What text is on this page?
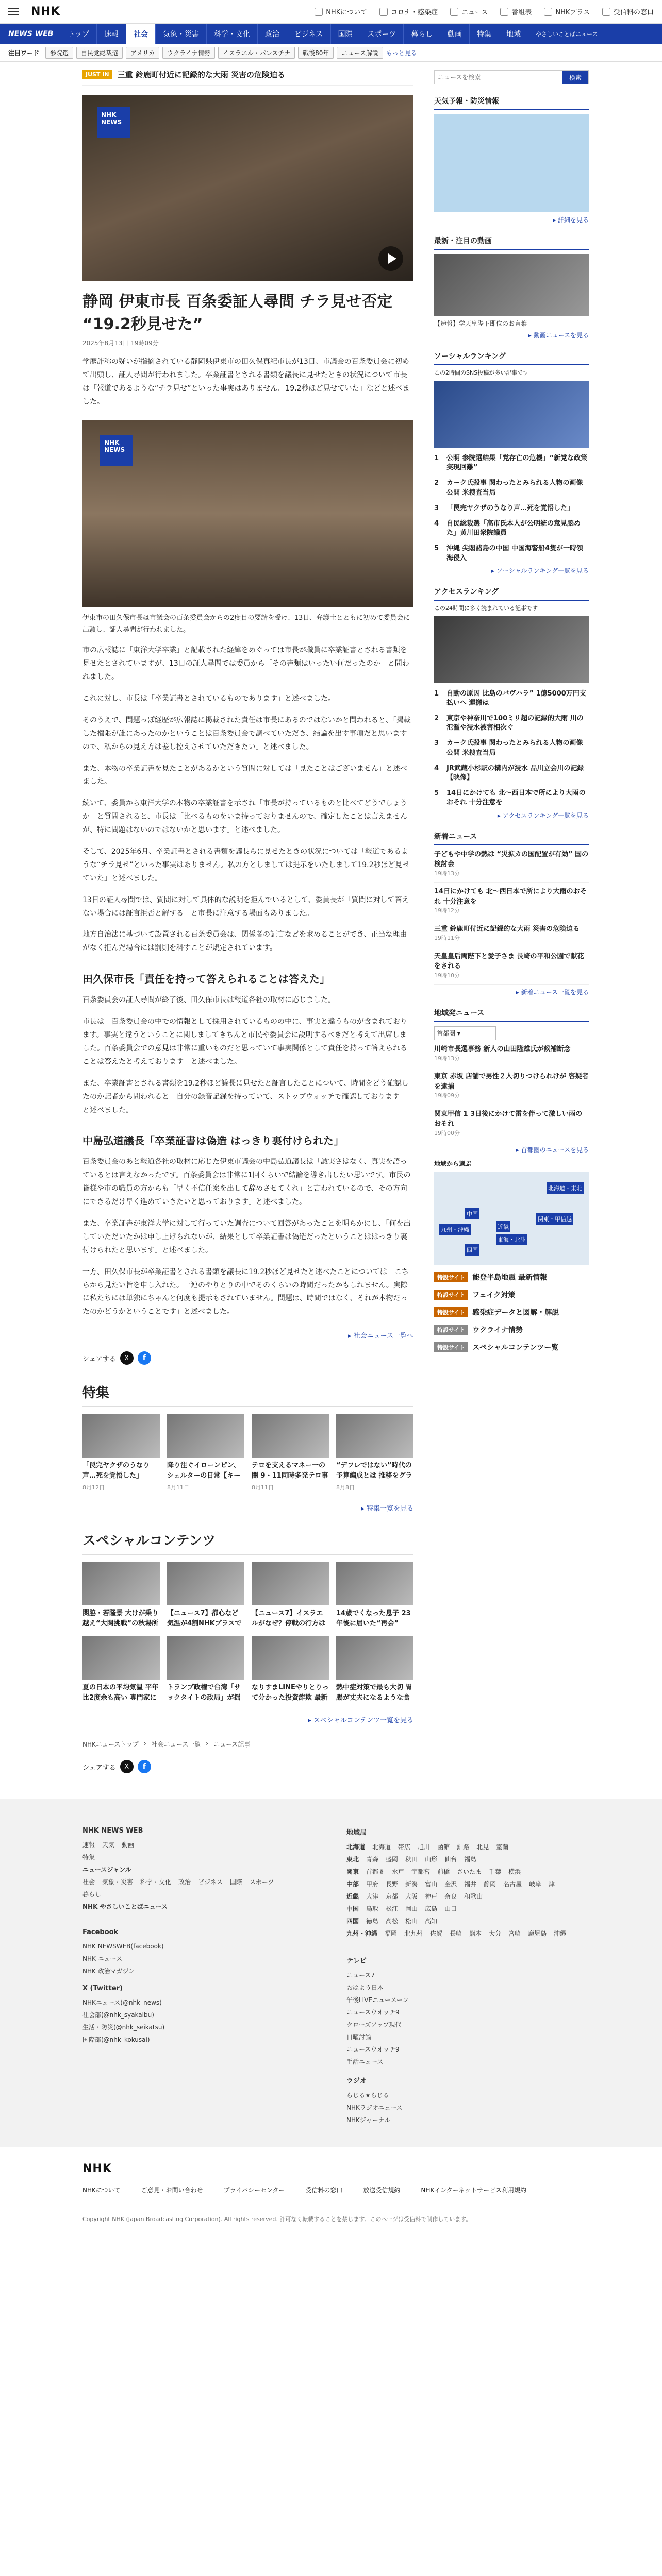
NHK	NHKについて	コロナ・感染症	ニュース	番組表	NHKプラス	受信料の窓口
NEWS WEB	トップ	速報	社会	気象・災害	科学・文化	政治	ビジネス	国際	スポーツ	暮らし	動画	特集	地域	やさしいことばニュース
注目ワード	参院選	自民党総裁選	アメリカ	ウクライナ情勢	イスラエル・パレスチナ	戦後80年	ニュース解説	もっと見る
JUST IN	三重 鈴鹿町付近に記録的な大雨 災害の危険迫る
NHK
NEWS
静岡 伊東市長 百条委証人尋問 チラ見せ否定 “19.2秒見せた”
2025年8月13日 19時09分

学歴詐称の疑いが指摘されている静岡県伊東市の田久保真紀市長が13日、市議会の百条委員会に初めて出頭し、証人尋問が行われました。卒業証書とされる書類を議長に見せたときの状況について市長は「報道であるような“チラ見せ”といった事実はありません。19.2秒ほど見せていた」などと述べました。

NHK
NEWS
伊東市の田久保市長は市議会の百条委員会からの2度目の要請を受け、13日、弁護士とともに初めて委員会に出頭し、証人尋問が行われました。

市の広報誌に「東洋大学卒業」と記載された経緯をめぐっては市長が職員に卒業証書とされる書類を見せたとされていますが、13日の証人尋問では委員から「その書類はいったい何だったのか」と問われました。

これに対し、市長は「卒業証書とされているものであります」と述べました。

そのうえで、問題っぽ経歴が広報誌に掲載された責任は市長にあるのではないかと問われると、「掲載した権限が誰にあったのかということは百条委員会で調べていただき、結論を出す事項だと思いますので、私からの見え方は差し控えさせていただきたい」と述べました。

また、本物の卒業証書を見たことがあるかという質問に対しては「見たことはございません」と述べました。

続いて、委員から東洋大学の本物の卒業証書を示され「市長が持っているものと比べてどうでしょうか」と質問されると、市長は「比べるものをいま持っておりませんので、確定したことは言えませんが、特に問題はないのではないかと思います」と述べました。

そして、2025年6月、卒業証書とされる書類を議長らに見せたときの状況については「報道であるような“チラ見せ”といった事実はありません。私の方としましては提示をいたしまして19.2秒ほど見せていた」と述べました。

13日の証人尋問では、質問に対して具体的な説明を拒んでいるとして、委員長が「質問に対して答えない場合には証言拒否と解する」と市長に注意する場面もありました。

地方自治法に基づいて設置される百条委員会は、関係者の証言などを求めることができ、正当な理由がなく拒んだ場合には罰則を科すことが規定されています。

田久保市長「責任を持って答えられることは答えた」

百条委員会の証人尋問が終了後、田久保市長は報道各社の取材に応じました。

市長は「百条委員会の中での情報として採用されているものの中に、事実と違うものが含まれております。事実と違うということに関しましてきちんと市民や委員会に説明するべきだと考えて出席しました。百条委員会での意見は非常に重いものだと思っていて事実関係として責任を持って答えられることは答えたと考えております」と述べました。

また、卒業証書とされる書類を19.2秒ほど議長に見せたと証言したことについて、時間をどう確認したのか記者から問われると「自分の録音記録を持っていて、ストップウォッチで確認しております」と述べました。

中島弘道議長「卒業証書は偽造 はっきり裏付けられた」

百条委員会のあと報道各社の取材に応じた伊東市議会の中島弘道議長は「誠実さはなく、真実を語っているとは言えなかったです。百条委員会は非常に1回くらいで結論を導き出したい思いです。市民の皆様や市の職員の方からも「早く不信任案を出して辞めさせてくれ」と言われているので、その方向にできるだけ早く進めていきたいと思っております」と述べました。

また、卒業証書が東洋大学に対して行っていた調査について回答があったことを明らかにし、「何を出していただいたかは申し上げられないが、結果として卒業証書は偽造だったということははっきり裏付けられたと思います」と述べました。

一方、田久保市長が卒業証書とされる書類を議長に19.2秒ほど見せたと述べたことについては「こちらから見たい旨を申し入れた。一連のやりとりの中でそのくらいの時間だったかもしれません。実際に私たちには単独にちゃんと何度も提示もされていません。問題は、時間ではなく、それが本物だったのかどうかということです」と述べました。

▸ 社会ニュース一覧へ
シェアする	X	f
特集
「罠完ヤクザのうなり声…死を覚悟した」
8月12日
降り注ぐイローンピン、シェルターの日常【キー
8月11日
テロを支えるマネー一の闇 9・11同時多発テロ事
8月11日
“デフレではない”時代の予算編成とは 推移をグラ
8月8日
▸ 特集一覧を見る
スペシャルコンテンツ
関脇・若隆景 大けが乗り越え“大関挑戦”の秋場所
【ニュース7】都心など気温が4割NHKプラスで
【ニュース7】イスラエルがなぜ？停戦の行方は
14歳でくなった息子 23年後に届いた“再会”
夏の日本の平均気温 平年比2度余も高い 専門家に
トランプ政権で台湾「サックタイトの政局」が揺
なりすまLINEやりとりって分かった投資詐欺 最新
熱中症対策で最も大切 胃腸が丈夫になるような食
▸ スペシャルコンテンツ一覧を見る
NHKニューストップ › 社会ニュース一覧 › ニュース記事
シェアする	X	f
ニュースを検索
検索
天気予報・防災情報
▸ 詳細を見る
最新・注目の動画
【速報】学天皇陛下即位のお言葉
▸ 動画ニュースを見る
ソーシャルランキング
この2時間のSNS投稿が多い記事です
1	公明 参院選結果「党存亡の危機」“新党な政策実現回難”
2	カーク氏殺事 関わったとみられる人物の画像公開 米捜査当局
3	「罠完ヤクザのうなり声…死を覚悟した」
4	自民総裁選「高市氏本人が公明統の意見脳めた」黄川田衆院議員
5	沖縄 尖閣諸島の中国 中国海警船4隻が一時領海侵入
▸ ソーシャルランキング一覧を見る
アクセスランキング
この24時間に多く読まれている記事です
1	自動の原因 比島のバヴハラ” 1億5000万円支払いへ 運搬は
2	東京や神奈川で100ミリ超の記録的大雨 川の氾濫や浸水被害相次ぐ
3	カーク氏殺事 関わったとみられる人物の画像公開 米捜査当局
4	JR武蔵小杉駅の構内が浸水 品川立会川の記録【映像】
5	14日にかけても 北〜西日本で所により大雨のおそれ 十分注意を
▸ アクセスランキング一覧を見る
新着ニュース
子どもや中学の熱は “災拡カの国配置が有効” 国の検討会
19時13分
14日にかけても 北〜西日本で所により大雨のおそれ 十分注意を
19時12分
三重 鈴鹿町付近に記録的な大雨 災害の危険迫る
19時11分
天皇皇后両陛下と愛子さま 長崎の平和公園で献花をされる
19時10分
▸ 新着ニュース一覧を見る
地域発ニュース
首都圏 ▾
川崎市長選事務 新人の山田隆雄氏が候補断念
19時13分
東京 赤坂 店舗で男性２人切りつけられけが 容疑者を逮捕
19時09分
関東甲信 1 3日後にかけて雷を伴って激しい雨のおそれ
19時00分
▸ 首都圏のニュースを見る
地域から選ぶ
北海道・東北
関東・甲信越
東海・北陸
中国
近畿
九州・沖縄
四国
特設サイト	能登半島地震 最新情報
特設サイト	フェイク対策
特設サイト	感染症データと図解・解説
特設サイト	ウクライナ情勢
特設サイト	スペシャルコンテンツー覧
NHK NEWS WEB
速報 天気 動画
特集
ニュースジャンル
社会 気象・災害 科学・文化 政治 ビジネス 国際 スポーツ
暮らし
NHK やさしいことばニュース
Facebook
NHK NEWSWEB(facebook)
NHK ニュース
NHK 政治マガジン
X (Twitter)
NHKニュース(@nhk_news)
社会部(@nhk_syakaibu)
生活・防災(@nhk_seikatsu)
国際部(@nhk_kokusai)
地域局
北海道 北海道 帯広 旭川 函館 釧路 北見 室蘭
東北 青森 盛岡 秋田 山形 仙台 福島
関東 首都圏 水戸 宇都宮 前橋 さいたま 千葉 横浜
中部 甲府 長野 新潟 富山 金沢 福井 静岡 名古屋 岐阜 津
近畿 大津 京都 大阪 神戸 奈良 和歌山
中国 鳥取 松江 岡山 広島 山口
四国 徳島 高松 松山 高知
九州・沖縄 福岡 北九州 佐賀 長崎 熊本 大分 宮崎 鹿児島 沖縄
テレビ
ニュース7
おはよう日本
午後LIVEニュースーン
ニュースウオッチ9
クローズアップ現代
日曜討論
ニュースウオッチ9
手話ニュース
ラジオ
らじる★らじる
NHKラジオニュース
NHKジャーナル
NHK
NHKについて	ご意見・お問い合わせ	プライバシーセンター	受信料の窓口	放送受信規約	NHKインターネットサービス利用規約
Copyright NHK (Japan Broadcasting Corporation). All rights reserved. 許可なく転載することを禁じます。このページは受信料で制作しています。
